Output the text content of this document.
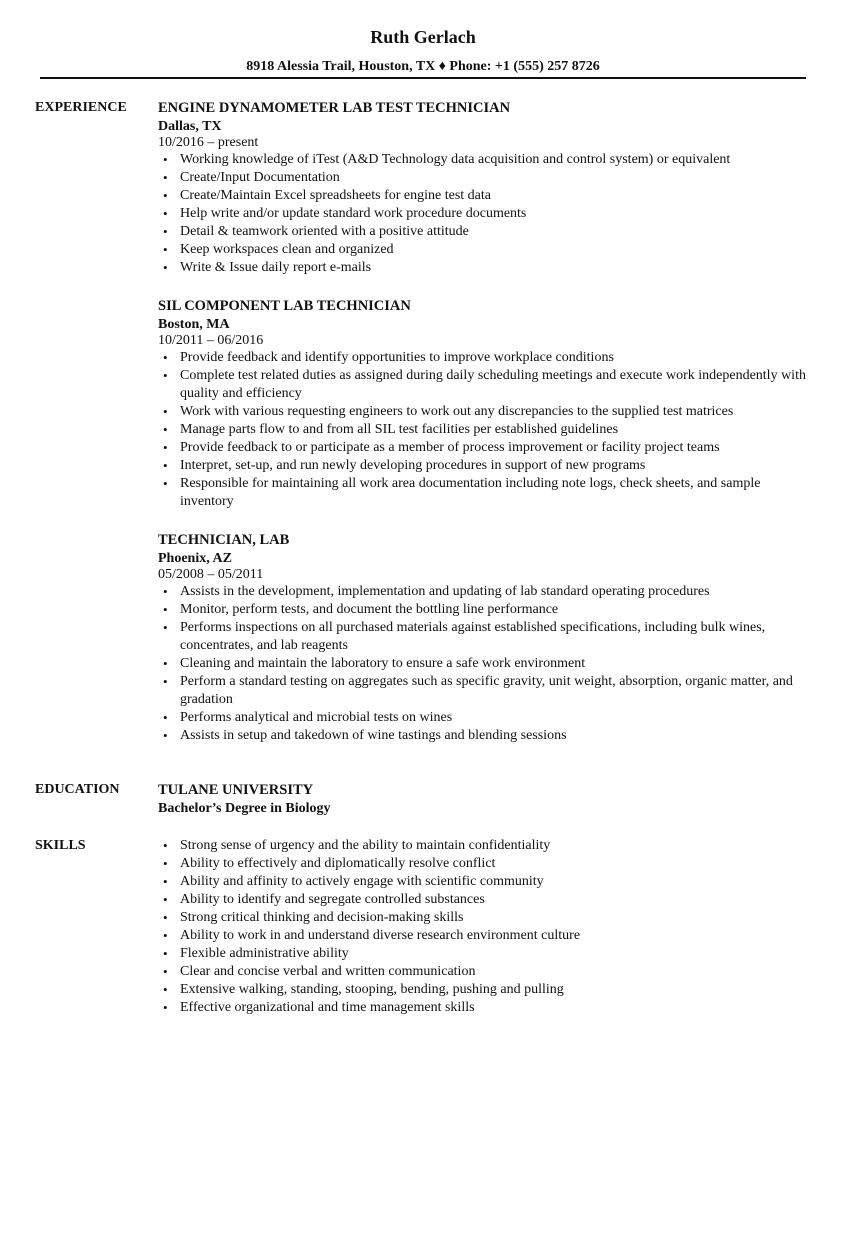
Ruth Gerlach
8918 Alessia Trail, Houston, TX ♦ Phone: +1 (555) 257 8726
EXPERIENCE	ENGINE DYNAMOMETER LAB TEST TECHNICIAN
Dallas, TX
10/2016 – present
• Working knowledge of iTest (A&D Technology data acquisition and control system) or equivalent
• Create/Input Documentation
• Create/Maintain Excel spreadsheets for engine test data
• Help write and/or update standard work procedure documents
• Detail & teamwork oriented with a positive attitude
• Keep workspaces clean and organized
• Write & Issue daily report e-mails
SIL COMPONENT LAB TECHNICIAN
Boston, MA
10/2011 – 06/2016
• Provide feedback and identify opportunities to improve workplace conditions
• Complete test related duties as assigned during daily scheduling meetings and execute work independently with quality and efficiency
• Work with various requesting engineers to work out any discrepancies to the supplied test matrices
• Manage parts flow to and from all SIL test facilities per established guidelines
• Provide feedback to or participate as a member of process improvement or facility project teams
• Interpret, set-up, and run newly developing procedures in support of new programs
• Responsible for maintaining all work area documentation including note logs, check sheets, and sample inventory
TECHNICIAN, LAB
Phoenix, AZ
05/2008 – 05/2011
• Assists in the development, implementation and updating of lab standard operating procedures
• Monitor, perform tests, and document the bottling line performance
• Performs inspections on all purchased materials against established specifications, including bulk wines, concentrates, and lab reagents
• Cleaning and maintain the laboratory to ensure a safe work environment
• Perform a standard testing on aggregates such as specific gravity, unit weight, absorption, organic matter, and gradation
• Performs analytical and microbial tests on wines
• Assists in setup and takedown of wine tastings and blending sessions
EDUCATION	TULANE UNIVERSITY
Bachelor’s Degree in Biology
SKILLS
•	Strong sense of urgency and the ability to maintain confidentiality
• Ability to effectively and diplomatically resolve conflict
• Ability and affinity to actively engage with scientific community
• Ability to identify and segregate controlled substances
• Strong critical thinking and decision-making skills
• Ability to work in and understand diverse research environment culture
• Flexible administrative ability
• Clear and concise verbal and written communication
• Extensive walking, standing, stooping, bending, pushing and pulling
• Effective organizational and time management skills
